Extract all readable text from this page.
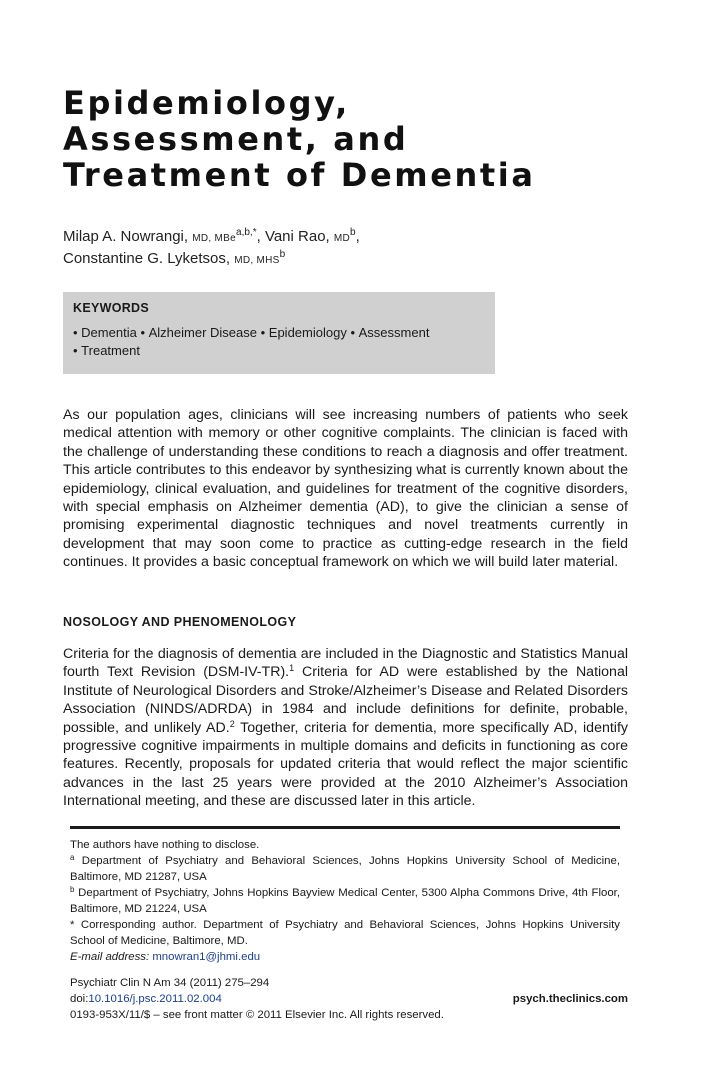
Epidemiology,
Assessment, and
Treatment of Dementia
Milap A. Nowrangi, MD, MBe$^{a,b,*}$, Vani Rao, $MD^b$,
Constantine G. Lyketsos, MD, MHS$^b$
KEYWORDS
• Dementia • Alzheimer Disease • Epidemiology • Assessment
• Treatment

As our population ages, clinicians will see increasing numbers of patients who seek medical attention with memory or other cognitive complaints. The clinician is faced with the challenge of understanding these conditions to reach a diagnosis and offer treatment. This article contributes to this endeavor by synthesizing what is currently known about the epidemiology, clinical evaluation, and guidelines for treatment of the cognitive disorders, with special emphasis on Alzheimer dementia (AD), to give the clinician a sense of promising experimental diagnostic techniques and novel treatments currently in development that may soon come to practice as cutting-edge research in the field continues. It provides a basic conceptual framework on which we will build later material.

NOSOLOGY AND PHENOMENOLOGY

Criteria for the diagnosis of dementia are included in the Diagnostic and Statistics Manual fourth Text Revision (DSM-IV-TR).$^1$ Criteria for AD were established by the National Institute of Neurological Disorders and Stroke/Alzheimer’s Disease and Related Disorders Association (NINDS/ADRDA) in 1984 and include definitions for definite, probable, possible, and unlikely AD.$^2$ Together, criteria for dementia, more specifically AD, identify progressive cognitive impairments in multiple domains and deficits in functioning as core features. Recently, proposals for updated criteria that would reflect the major scientific advances in the last 25 years were provided at the 2010 Alzheimer’s Association International meeting, and these are discussed later in this article.

The authors have nothing to disclose.
$^a$ Department of Psychiatry and Behavioral Sciences, Johns Hopkins University School of Medicine, Baltimore, MD 21287, USA
$^b$ Department of Psychiatry, Johns Hopkins Bayview Medical Center, 5300 Alpha Commons Drive, 4th Floor, Baltimore, MD 21224, USA
* Corresponding author. Department of Psychiatry and Behavioral Sciences, Johns Hopkins University School of Medicine, Baltimore, MD.
E-mail address: mnowran1@jhmi.edu
Psychiatr Clin N Am 34 (2011) 275–294
doi:10.1016/j.psc.2011.02.004	psych.theclinics.com
0193-953X/11/$ – see front matter © 2011 Elsevier Inc. All rights reserved.
